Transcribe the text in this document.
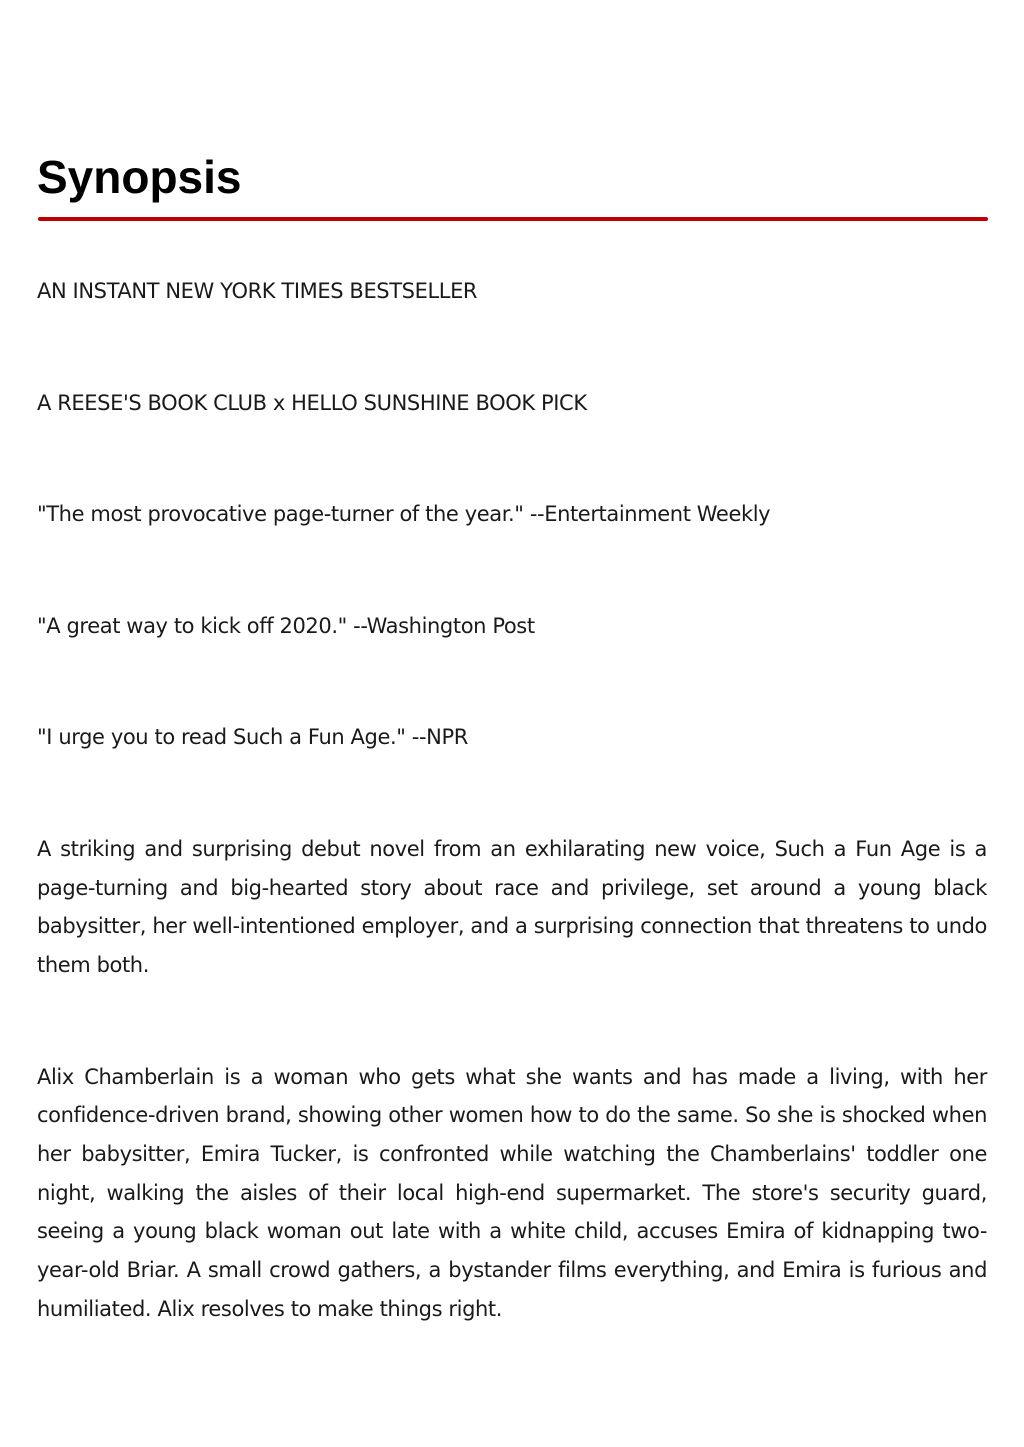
Synopsis

AN INSTANT NEW YORK TIMES BESTSELLER

A REESE'S BOOK CLUB x HELLO SUNSHINE BOOK PICK

"The most provocative page-turner of the year." --Entertainment Weekly

"A great way to kick off 2020." --Washington Post

"I urge you to read Such a Fun Age." --NPR

A striking and surprising debut novel from an exhilarating new voice, Such a Fun Age is a page-turning and big-hearted story about race and privilege, set around a young black babysitter, her well-intentioned employer, and a surprising connection that threatens to undo them both.

Alix Chamberlain is a woman who gets what she wants and has made a living, with her confidence-driven brand, showing other women how to do the same. So she is shocked when her babysitter, Emira Tucker, is confronted while watching the Chamberlains' toddler one night, walking the aisles of their local high-end supermarket. The store's security guard, seeing a young black woman out late with a white child, accuses Emira of kidnapping two-year-old Briar. A small crowd gathers, a bystander films everything, and Emira is furious and humiliated. Alix resolves to make things right.
